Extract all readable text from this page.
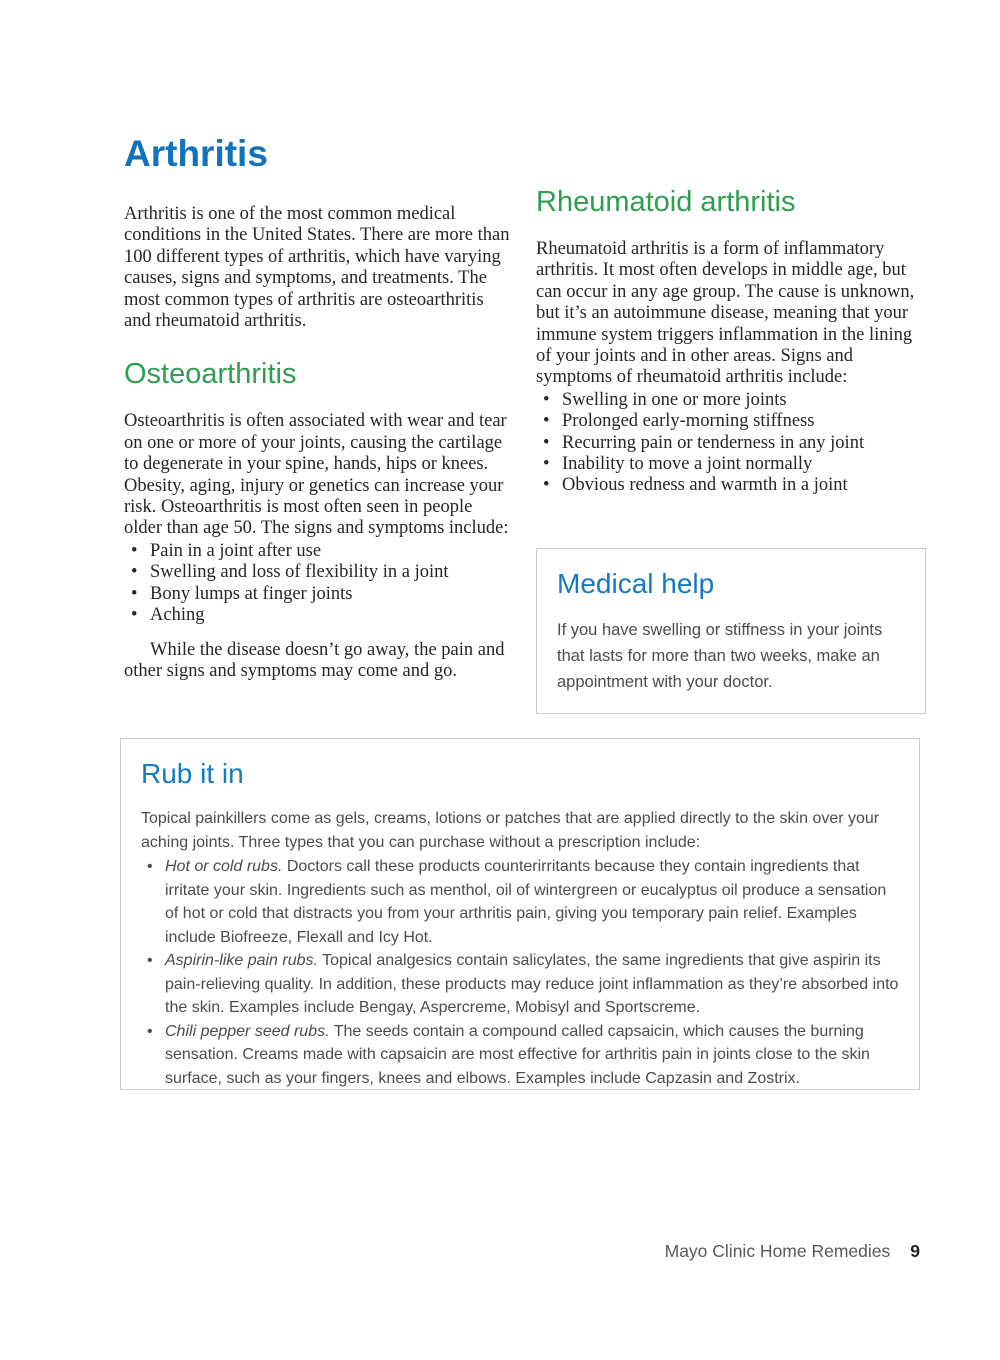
Arthritis

Arthritis is one of the most common medical conditions in the United States. There are more than 100 different types of arthritis, which have varying causes, signs and symptoms, and treatments. The most common types of arthritis are osteoarthritis and rheumatoid arthritis.

Osteoarthritis

Osteoarthritis is often associated with wear and tear on one or more of your joints, causing the cartilage to degenerate in your spine, hands, hips or knees. Obesity, aging, injury or genetics can increase your risk. Osteoarthritis is most often seen in people older than age 50. The signs and symptoms include:

• Pain in a joint after use
• Swelling and loss of flexibility in a joint
• Bony lumps at finger joints
• Aching

While the disease doesn’t go away, the pain and other signs and symptoms may come and go.

Rheumatoid arthritis

Rheumatoid arthritis is a form of inflammatory arthritis. It most often develops in middle age, but can occur in any age group. The cause is unknown, but it’s an autoimmune disease, meaning that your immune system triggers inflammation in the lining of your joints and in other areas. Signs and symptoms of rheumatoid arthritis include:

• Swelling in one or more joints
• Prolonged early-morning stiffness
• Recurring pain or tenderness in any joint
• Inability to move a joint normally
• Obvious redness and warmth in a joint
Medical help

If you have swelling or stiffness in your joints that lasts for more than two weeks, make an appointment with your doctor.

Rub it in

Topical painkillers come as gels, creams, lotions or patches that are applied directly to the skin over your aching joints. Three types that you can purchase without a prescription include:

• Hot or cold rubs. Doctors call these products counterirritants because they contain ingredients that irritate your skin. Ingredients such as menthol, oil of wintergreen or eucalyptus oil produce a sensation of hot or cold that distracts you from your arthritis pain, giving you temporary pain relief. Examples include Biofreeze, Flexall and Icy Hot.
• Aspirin-like pain rubs. Topical analgesics contain salicylates, the same ingredients that give aspirin its pain-relieving quality. In addition, these products may reduce joint inflammation as they’re absorbed into the skin. Examples include Bengay, Aspercreme, Mobisyl and Sportscreme.
• Chili pepper seed rubs. The seeds contain a compound called capsaicin, which causes the burning sensation. Creams made with capsaicin are most effective for arthritis pain in joints close to the skin surface, such as your fingers, knees and elbows. Examples include Capzasin and Zostrix.
Mayo Clinic Home Remedies 9
